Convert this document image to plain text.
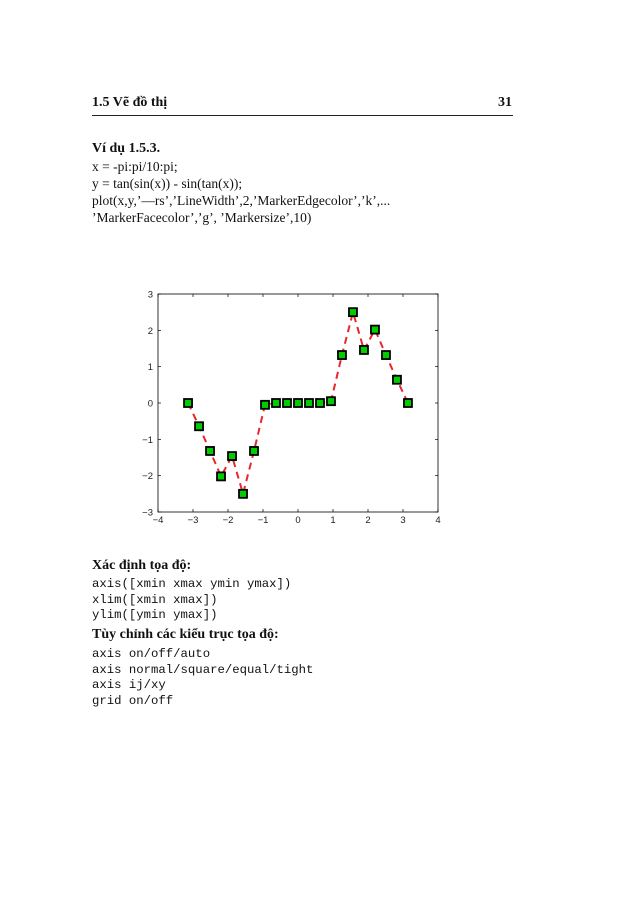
1.5 Vẽ đồ thị	31
Ví dụ 1.5.3.
x = -pi:pi/10:pi;
y = tan(sin(x)) - sin(tan(x));
plot(x,y,’—rs’,’LineWidth’,2,’MarkerEdgecolor’,’k’,...
’MarkerFacecolor’,’g’, ’Markersize’,10)
−4	−3	−2	−1	0	1	2	3	4
−3
−2
−1
0
1
2
3
Xác định tọa độ:
axis([xmin xmax ymin ymax])
xlim([xmin xmax])
ylim([ymin ymax])
Tùy chỉnh các kiểu trục tọa độ:
axis on/off/auto
axis normal/square/equal/tight
axis ij/xy
grid on/off
